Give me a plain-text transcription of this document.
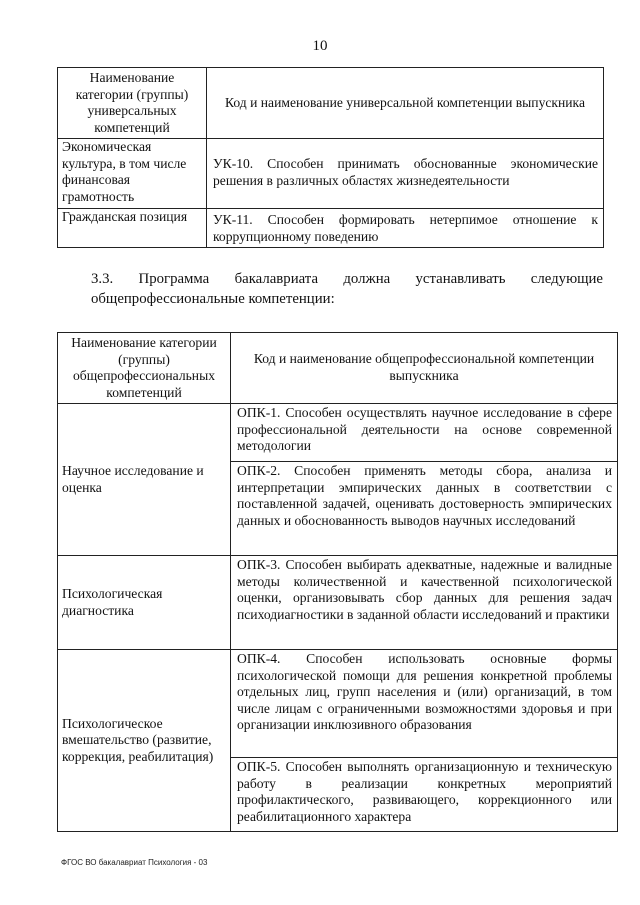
10
Наименование категории (группы) универсальных компетенций	Код и наименование универсальной компетенции выпускника
Экономическая культура, в том числе финансовая грамотность	УК-10. Способен принимать обоснованные экономические решения в различных областях жизнедеятельности
Гражданская позиция	УК-11. Способен формировать нетерпимое отношение к коррупционному поведению
3.3. Программа бакалавриата должна устанавливать следующие
общепрофессиональные компетенции:
Наименование категории (группы) общепрофессиональных компетенций	Код и наименование общепрофессиональной компетенции выпускника
Научное исследование и оценка	ОПК-1. Способен осуществлять научное исследование в сфере профессиональной деятельности на основе современной методологии
	ОПК-2. Способен применять методы сбора, анализа и интерпретации эмпирических данных в соответствии с поставленной задачей, оценивать достоверность эмпирических данных и обоснованность выводов научных исследований
Психологическая диагностика	ОПК-3. Способен выбирать адекватные, надежные и валидные методы количественной и качественной психологической оценки, организовывать сбор данных для решения задач психодиагностики в заданной области исследований и практики
Психологическое вмешательство (развитие, коррекция, реабилитация)	ОПК-4. Способен использовать основные формы психологической помощи для решения конкретной проблемы отдельных лиц, групп населения и (или) организаций, в том числе лицам с ограниченными возможностями здоровья и при организации инклюзивного образования
	ОПК-5. Способен выполнять организационную и техническую работу в реализации конкретных мероприятий профилактического, развивающего, коррекционного или реабилитационного характера
ФГОС ВО бакалавриат Психология - 03
